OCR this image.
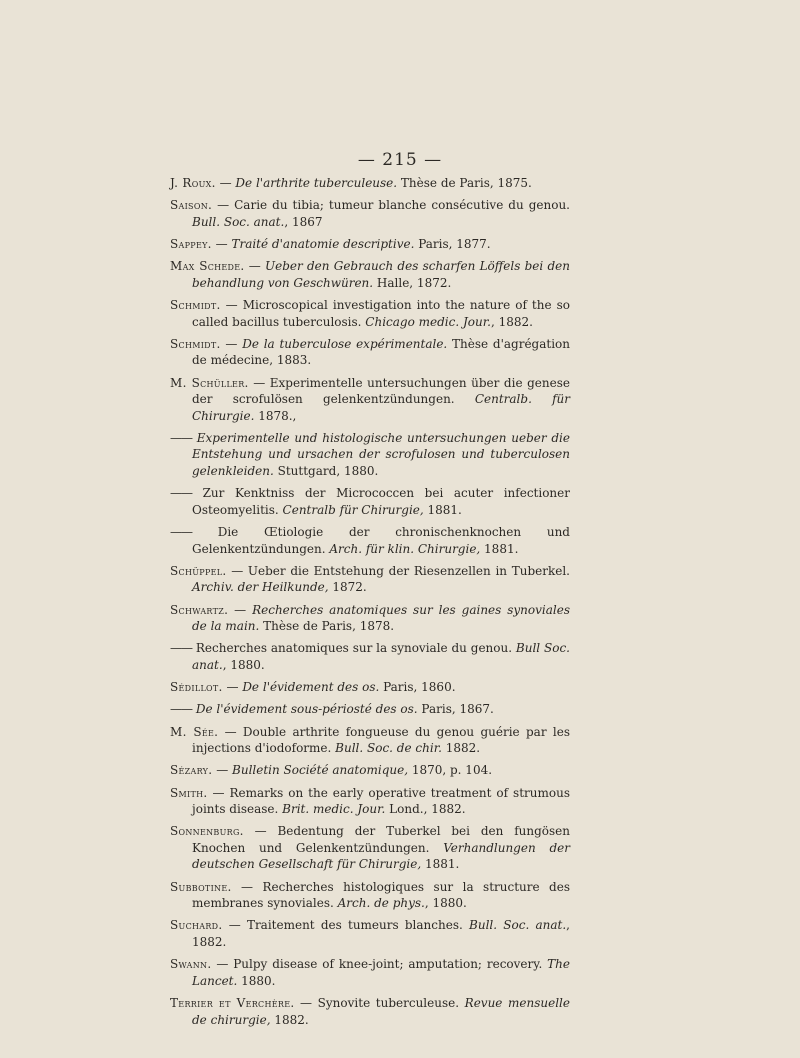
— 215 —

J. Roux. — De l'arthrite tuberculeuse. Thèse de Paris, 1875.

Saison. — Carie du tibia; tumeur blanche consécutive du genou. Bull. Soc. anat., 1867

Sappey. — Traité d'anatomie descriptive. Paris, 1877.

Max Schede. — Ueber den Gebrauch des scharfen Löffels bei den behandlung von Geschwüren. Halle, 1872.

Schmidt. — Microscopical investigation into the nature of the so called bacillus tuberculosis. Chicago medic. Jour., 1882.

Schmidt. — De la tuberculose expérimentale. Thèse d'agrégation de médecine, 1883.

M. Schüller. — Experimentelle untersuchungen über die genese der scrofulösen gelenkentzündungen. Centralb. für Chirurgie. 1878.,

—— Experimentelle und histologische untersuchungen ueber die Entstehung und ursachen der scrofulosen und tuberculosen gelenkleiden. Stuttgard, 1880.

—— Zur Kenktniss der Micrococcen bei acuter infectioner Osteomyelitis. Centralb für Chirurgie, 1881.

—— Die Œtiologie der chronischenknochen und Gelenkentzündungen. Arch. für klin. Chirurgie, 1881.

Schüppel. — Ueber die Entstehung der Riesenzellen in Tuberkel. Archiv. der Heilkunde, 1872.

Schwartz. — Recherches anatomiques sur les gaines synoviales de la main. Thèse de Paris, 1878.

—— Recherches anatomiques sur la synoviale du genou. Bull Soc. anat., 1880.

Sédillot. — De l'évidement des os. Paris, 1860.

—— De l'évidement sous-périosté des os. Paris, 1867.

M. Sée. — Double arthrite fongueuse du genou guérie par les injections d'iodoforme. Bull. Soc. de chir. 1882.

Sézary. — Bulletin Société anatomique, 1870, p. 104.

Smith. — Remarks on the early operative treatment of strumous joints disease. Brit. medic. Jour. Lond., 1882.

Sonnenburg. — Bedentung der Tuberkel bei den fungösen Knochen und Gelenkentzündungen. Verhandlungen der deutschen Gesellschaft für Chirurgie, 1881.

Subbotine. — Recherches histologiques sur la structure des membranes synoviales. Arch. de phys., 1880.

Suchard. — Traitement des tumeurs blanches. Bull. Soc. anat., 1882.

Swann. — Pulpy disease of knee-joint; amputation; recovery. The Lancet. 1880.

Terrier et Verchère. — Synovite tuberculeuse. Revue mensuelle de chirurgie, 1882.
